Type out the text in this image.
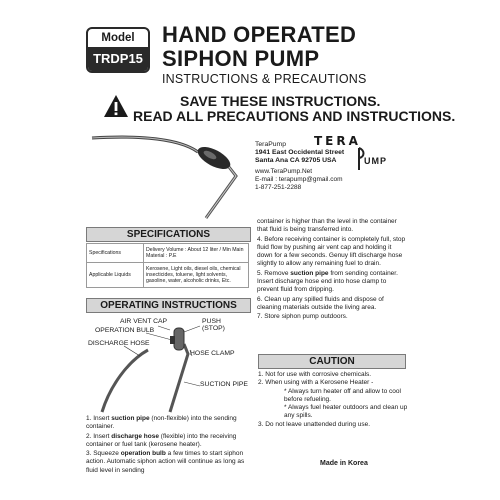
Model
TRDP15
HAND OPERATED
SIPHON PUMP
INSTRUCTIONS & PRECAUTIONS
SAVE THESE INSTRUCTIONS.
READ ALL PRECAUTIONS AND INSTRUCTIONS.
TeraPump
1941 East Occidental Street
Santa Ana CA 92705 USA
www.TeraPump.Net
E-mail : terapump@gmail.com
1-877-251-2288
TERA
UMP
SPECIFICATIONS
Specifications	Delivery Volume : About 12 liter / Min Main Material : P.E
Applicable Liquids	Kerosene, Light oils, diesel oils, chemical insecticides, toluene, light solvents, gasoline, water, alcoholic drinks, Etc.
OPERATING INSTRUCTIONS
PUSH
(STOP)
AIR VENT CAP
OPERATION BULB
DISCHARGE HOSE
HOSE CLAMP
SUCTION PIPE
1. Insert suction pipe (non-flexible) into the sending container.
2. Insert discharge hose (flexible) into the receiving container or fuel tank (kerosene heater).
3. Squeeze operation bulb a few times to start siphon action. Automatic siphon action will continue as long as fluid level in sending
container is higher than the level in the container that fluid is being transferred into.
4. Before receiving container is completely full, stop fluid flow by pushing air vent cap and holding it down for a few seconds. Genuy lift discharge hose slightly to allow any remaining fuel to drain.
5. Remove suction pipe from sending container. Insert discharge hose end into hose clamp to prevent fluid from dripping.
6. Clean up any spilled fluids and dispose of cleaning materials outside the living area.
7. Store siphon pump outdoors.
CAUTION
1. Not for use with corrosive chemicals.
2. When using with a Kerosene Heater -
* Always turn heater off and allow to cool before refueling.
* Always fuel heater outdoors and clean up any spills.
3. Do not leave unattended during use.
Made in Korea
